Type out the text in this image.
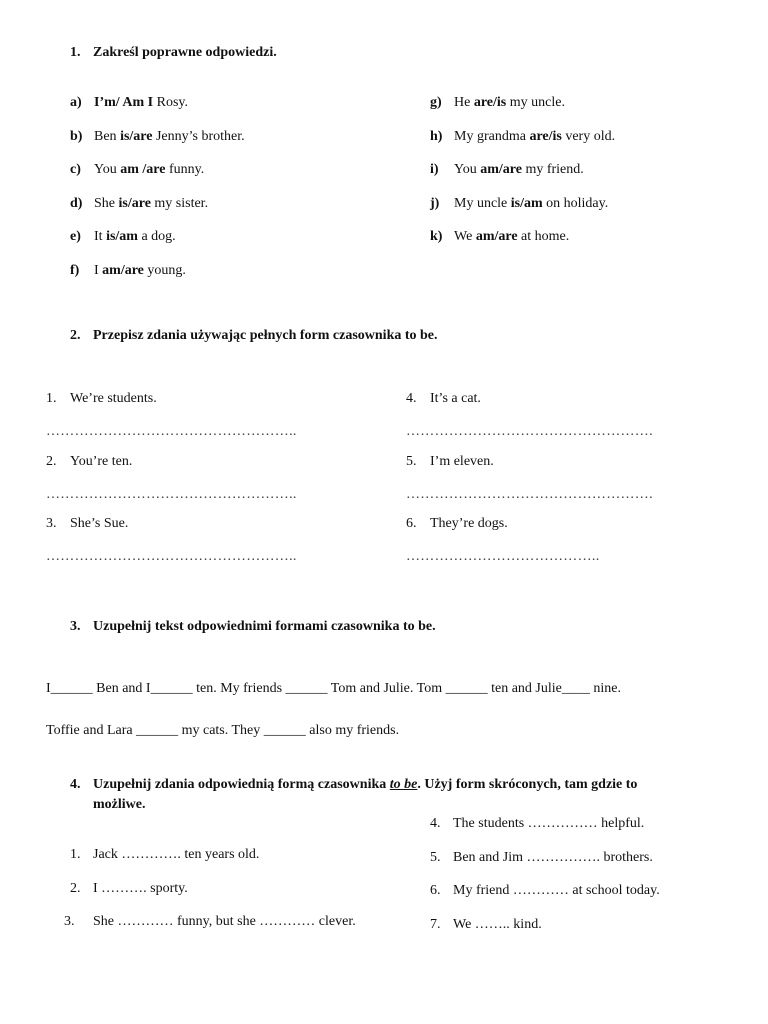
1. Zakreśl poprawne odpowiedzi.
a) I’m/ Am I Rosy.
b) Ben is/are Jenny’s brother.
c) You am /are funny.
d) She is/are my sister.
e) It is/am a dog.
f) I am/are young.
g) He are/is my uncle.
h) My grandma are/is very old.
i) You am/are my friend.
j) My uncle is/am on holiday.
k) We am/are at home.
2. Przepisz zdania używając pełnych form czasownika to be.
1. We’re students.
……………………………………………..
2. You’re ten.
……………………………………………..
3. She’s Sue.
……………………………………………..
4. It’s a cat.
…………………………………………….
5. I’m eleven.
…………………………………………….
6. They’re dogs.
…………………………………..
3. Uzupełnij tekst odpowiednimi formami czasownika to be.
I______ Ben and I______ ten. My friends ______ Tom and Julie. Tom ______ ten and Julie____ nine.
Toffie and Lara ______ my cats. They ______ also my friends.
4. Uzupełnij zdania odpowiednią formą czasownika to be. Użyj form skróconych, tam gdzie to
możliwe.
1. Jack …………. ten years old.
2. I ………. sporty.
3. She ………… funny, but she ………… clever.
4. The students …………… helpful.
5. Ben and Jim ……………. brothers.
6. My friend ………… at school today.
7. We …….. kind.
